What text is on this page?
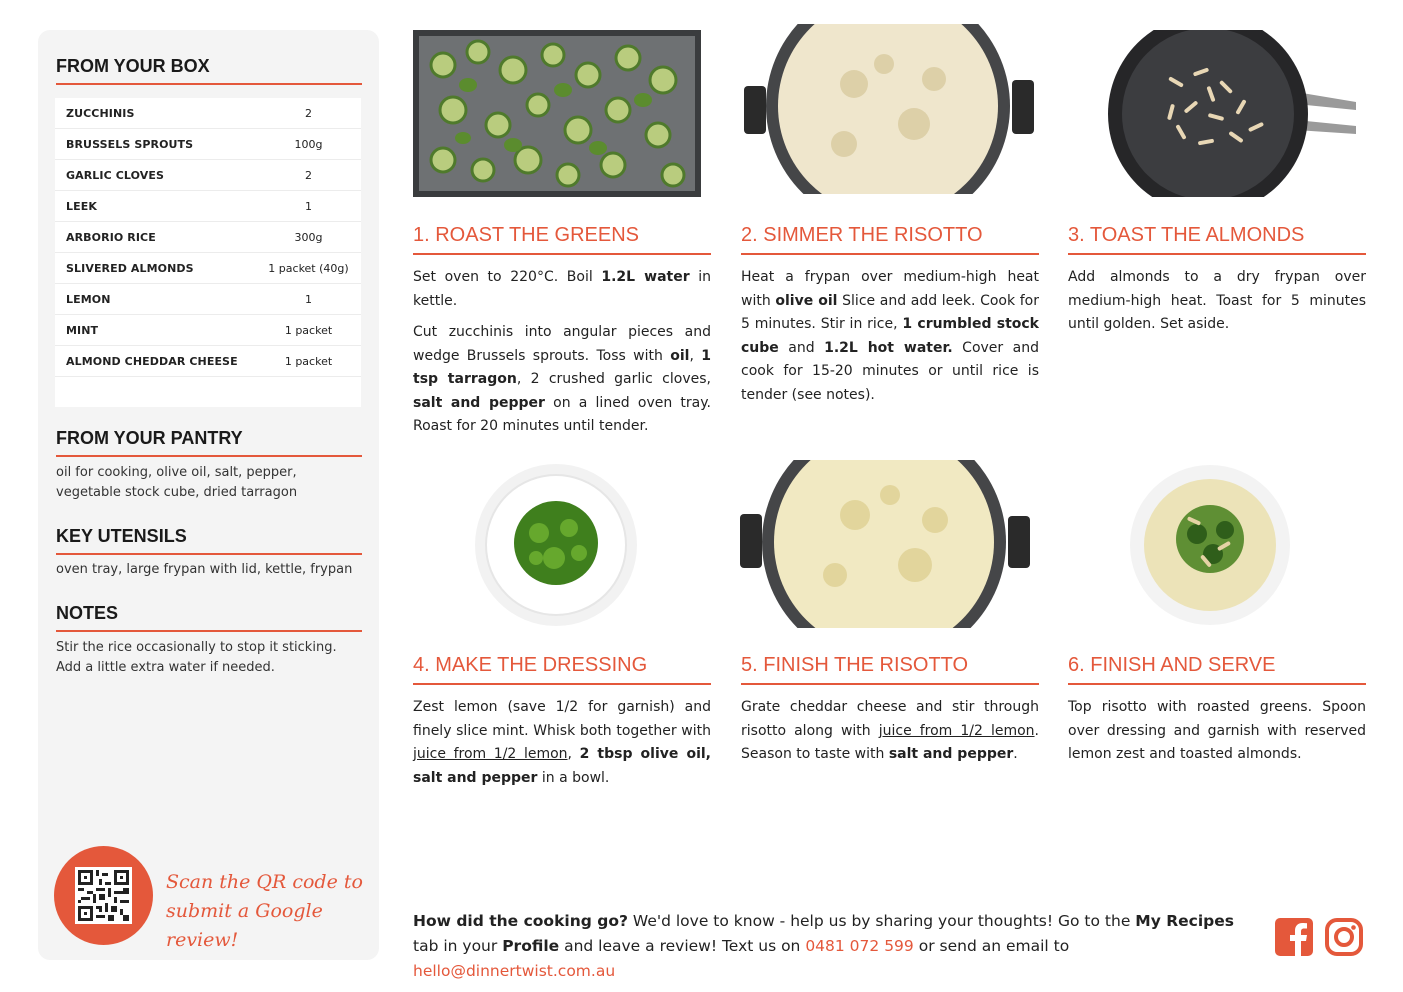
FROM YOUR BOX
ZUCCHINIS	2
BRUSSELS SPROUTS	100g
GARLIC CLOVES	2
LEEK	1
ARBORIO RICE	300g
SLIVERED ALMONDS	1 packet (40g)
LEMON	1
MINT	1 packet
ALMOND CHEDDAR CHEESE	1 packet
FROM YOUR PANTRY
oil for cooking, olive oil, salt, pepper, vegetable stock cube, dried tarragon
KEY UTENSILS
oven tray, large frypan with lid, kettle, frypan
NOTES
Stir the rice occasionally to stop it sticking. Add a little extra water if needed.
Scan the QR code to
submit a Google review!
1. ROAST THE GREENS

Set oven to 220°C. Boil 1.2L water in kettle.

Cut zucchinis into angular pieces and wedge Brussels sprouts. Toss with oil, 1 tsp tarragon, 2 crushed garlic cloves, salt and pepper on a lined oven tray. Roast for 20 minutes until tender.

2. SIMMER THE RISOTTO

Heat a frypan over medium-high heat with olive oil Slice and add leek. Cook for 5 minutes. Stir in rice, 1 crumbled stock cube and 1.2L hot water. Cover and cook for 15-20 minutes or until rice is tender (see notes).

3. TOAST THE ALMONDS

Add almonds to a dry frypan over medium-high heat. Toast for 5 minutes until golden. Set aside.

4. MAKE THE DRESSING

Zest lemon (save 1/2 for garnish) and finely slice mint. Whisk both together with juice from 1/2 lemon, 2 tbsp olive oil, salt and pepper in a bowl.

5. FINISH THE RISOTTO

Grate cheddar cheese and stir through risotto along with juice from 1/2 lemon. Season to taste with salt and pepper.

6. FINISH AND SERVE

Top risotto with roasted greens. Spoon over dressing and garnish with reserved lemon zest and toasted almonds.

How did the cooking go? We'd love to know - help us by sharing your thoughts! Go to the My Recipes tab in your Profile and leave a review! Text us on 0481 072 599 or send an email to hello@dinnertwist.com.au
